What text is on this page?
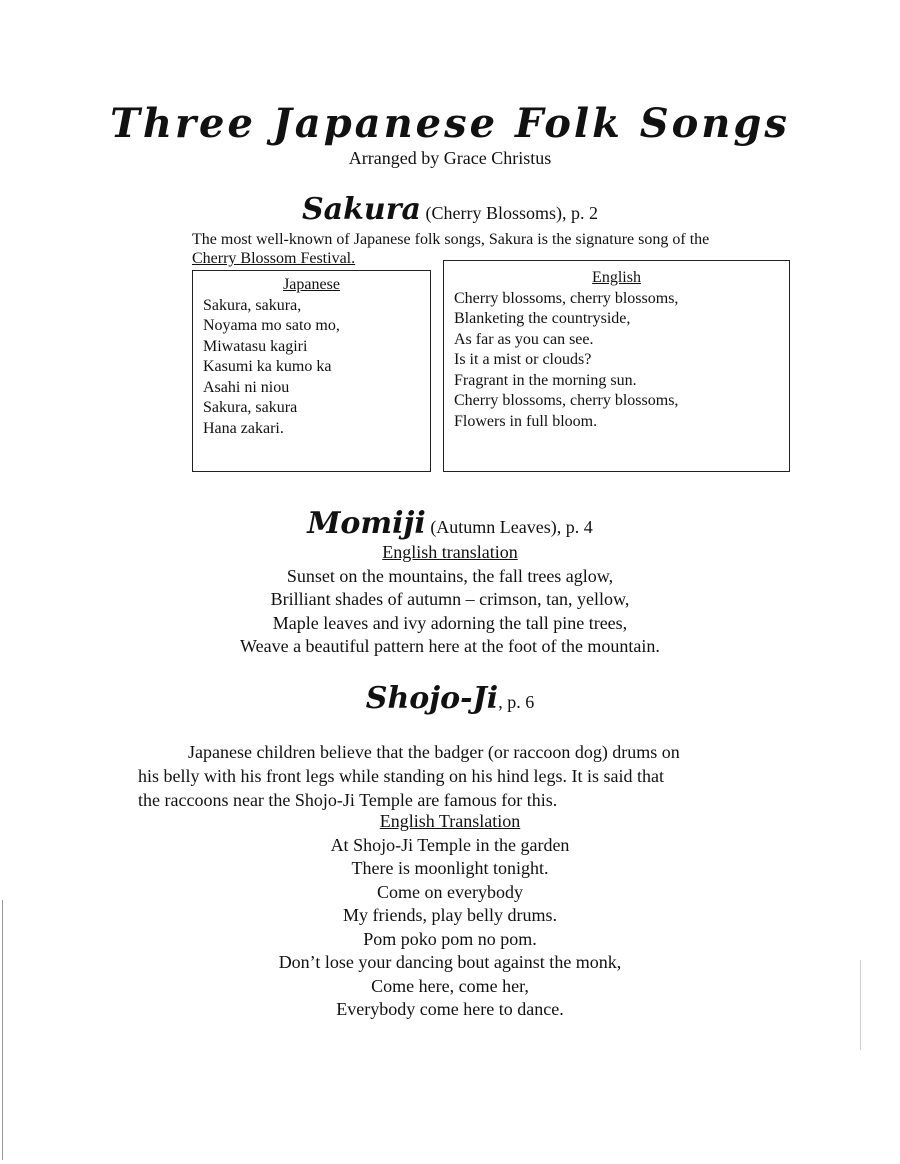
Three Japanese Folk Songs
Arranged by Grace Christus
Sakura (Cherry Blossoms), p. 2
The most well-known of Japanese folk songs, Sakura is the signature song of the
Cherry Blossom Festival.
Japanese
Sakura, sakura,
Noyama mo sato mo,
Miwatasu kagiri
Kasumi ka kumo ka
Asahi ni niou
Sakura, sakura
Hana zakari.
English
Cherry blossoms, cherry blossoms,
Blanketing the countryside,
As far as you can see.
Is it a mist or clouds?
Fragrant in the morning sun.
Cherry blossoms, cherry blossoms,
Flowers in full bloom.
Momiji (Autumn Leaves), p. 4
English translation
Sunset on the mountains, the fall trees aglow,
Brilliant shades of autumn – crimson, tan, yellow,
Maple leaves and ivy adorning the tall pine trees,
Weave a beautiful pattern here at the foot of the mountain.
Shojo-Ji, p. 6

Japanese children believe that the badger (or raccoon dog) drums on

his belly with his front legs while standing on his hind legs. It is said that

the raccoons near the Shojo-Ji Temple are famous for this.

English Translation
At Shojo-Ji Temple in the garden
There is moonlight tonight.
Come on everybody
My friends, play belly drums.
Pom poko pom no pom.
Don’t lose your dancing bout against the monk,
Come here, come her,
Everybody come here to dance.
